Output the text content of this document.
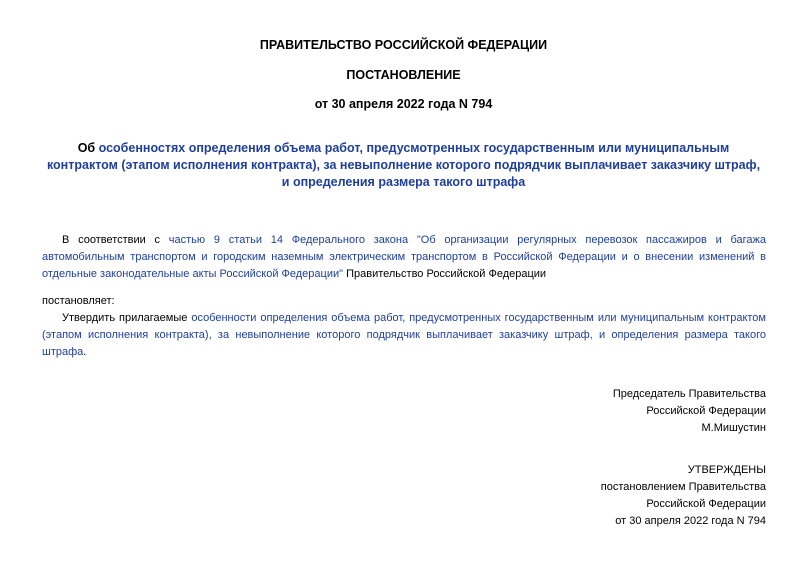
ПРАВИТЕЛЬСТВО РОССИЙСКОЙ ФЕДЕРАЦИИ
ПОСТАНОВЛЕНИЕ
от 30 апреля 2022 года N 794
Об особенностях определения объема работ, предусмотренных государственным или муниципальным контрактом (этапом исполнения контракта), за невыполнение которого подрядчик выплачивает заказчику штраф, и определения размера такого штрафа
В соответствии с частью 9 статьи 14 Федерального закона "Об организации регулярных перевозок пассажиров и багажа автомобильным транспортом и городским наземным электрическим транспортом в Российской Федерации и о внесении изменений в отдельные законодательные акты Российской Федерации" Правительство Российской Федерации
постановляет:
Утвердить прилагаемые особенности определения объема работ, предусмотренных государственным или муниципальным контрактом (этапом исполнения контракта), за невыполнение которого подрядчик выплачивает заказчику штраф, и определения размера такого штрафа.
Председатель Правительства
Российской Федерации
М.Мишустин
УТВЕРЖДЕНЫ
постановлением Правительства
Российской Федерации
от 30 апреля 2022 года N 794
